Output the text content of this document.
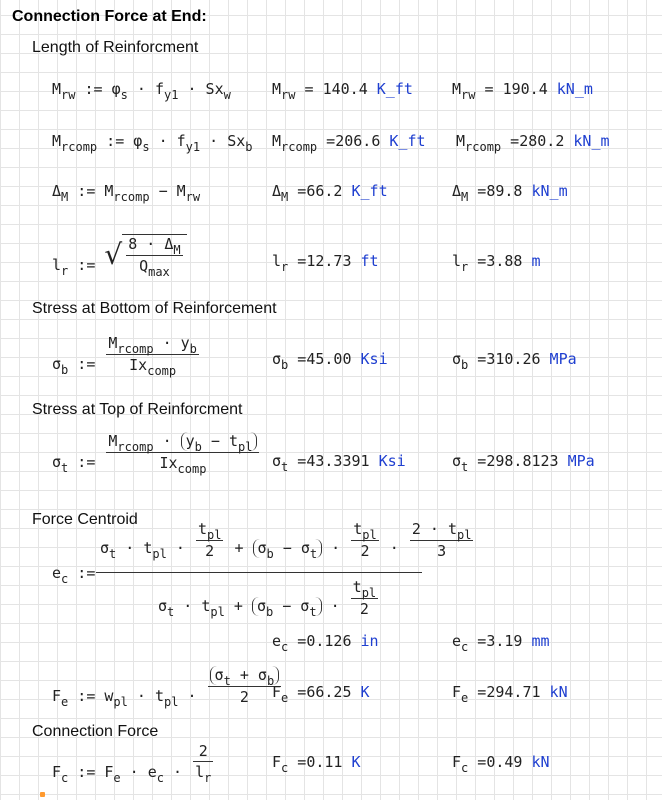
Connection Force at End:
Length of Reinforcment
$M_{rw}$ := $\varphi_s \cdot f_{y1} \cdot Sx_w$	$M_{rw} = 140.4$ K_ft	$M_{rw} = 190.4$ kN_m
$M_{rcomp}$ := $\varphi_s \cdot f_{y1} \cdot Sx_b$ $M_{rcomp} =206.6$ K_ft $M_{rcomp} =280.2$ kN_m
$\Delta_M$ := $M_{rcomp} - M_{rw}$	$\Delta_M =66.2$ K_ft	$\Delta_M =89.8$ kN_m
$l_r$ := √ $\frac{8 \cdot \Delta_M}{Q_{max}}$	$l_r =12.73$ ft	$l_r =3.88$ m
Stress at Bottom of Reinforcement
$\sigma_b$ := $\frac{M_{rcomp} \cdot y_b}{Ix_{comp}}$	$\sigma_b =45.00$ Ksi	$\sigma_b =310.26$ MPa
Stress at Top of Reinforcment
$\sigma_t$ := $\frac{M_{rcomp} \cdot y_b - t_{pl}}{Ix_{comp}} \sigma_t =43.3391$ Ksi	$\sigma_t =298.8123$ MPa
Force Centroid
$e_c$ :=
$\sigma_t \cdot t_{pl} \cdot \frac{t_{pl}}{2} + \sigma_b - \sigma_t \cdot \frac{t_{pl}}{2} \cdot \frac{2 \cdot t_{pl}}{3}$
$\sigma_t \cdot t_{pl} + \sigma_b - \sigma_t \cdot \frac{t_{pl}}{2}$
$e_c =0.126$ in	$e_c =3.19$ mm
$F_e$ := $w_{pl} \cdot t_{pl} \cdot \frac{\sigma_t + \sigma_b}{2}$
$F_e =66.25$ K	$F_e =294.71$ kN
Connection Force
$F_c$ := $F_e \cdot e_c \cdot \frac{2}{l_r}$	$F_c =0.11$ K	$F_c =0.49$ kN
